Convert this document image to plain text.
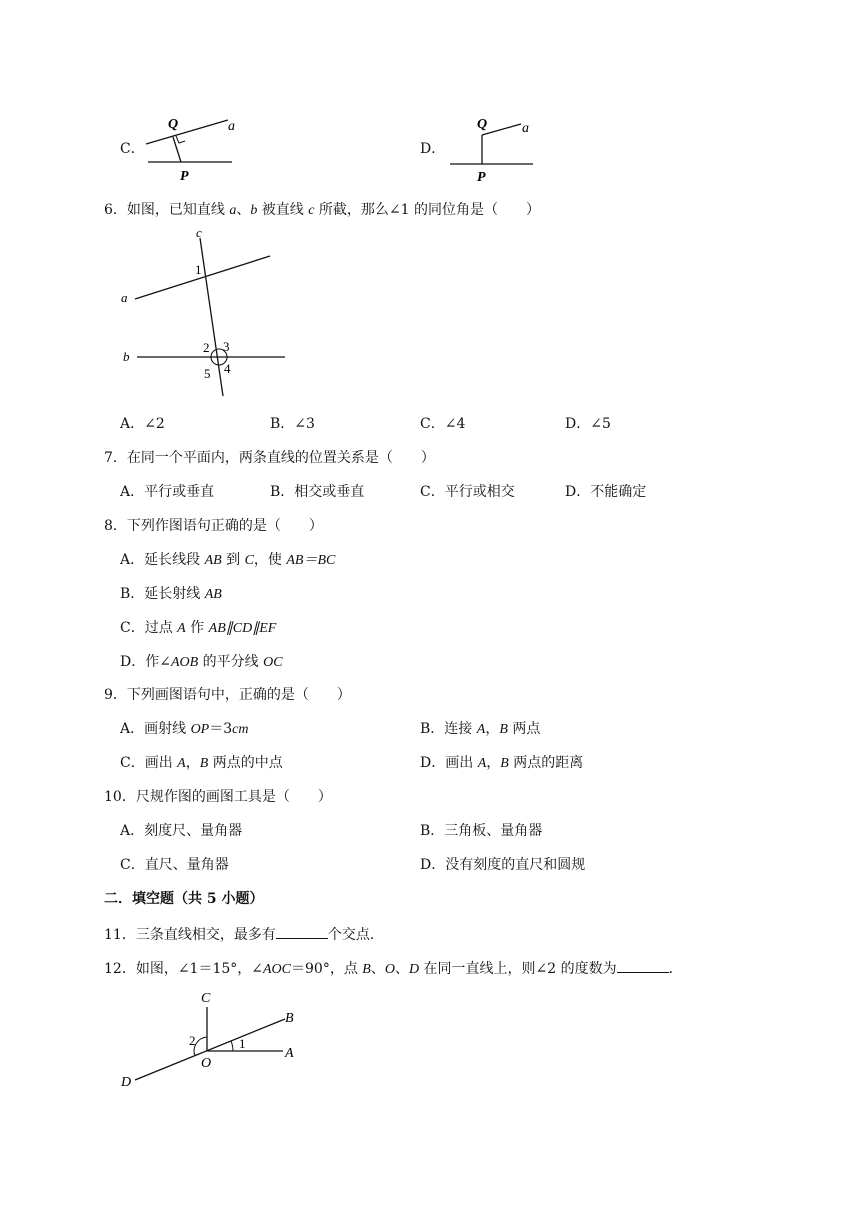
C．
Q	a
P
D．
Q a
P
6．如图，已知直线 a、b 被直线 c 所截，那么∠1 的同位角是（　　）
c
a
b
1
2 3
4
5
A．∠2	B．∠3	C．∠4	D．∠5
7．在同一个平面内，两条直线的位置关系是（　　）
A．平行或垂直	B．相交或垂直	C．平行或相交	D．不能确定
8．下列作图语句正确的是（　　）
A．延长线段 AB 到 C，使 AB＝BC
B．延长射线 AB
C．过点 A 作 AB∥CD∥EF
D．作∠AOB 的平分线 OC
9．下列画图语句中，正确的是（　　）
A．画射线 OP＝3cm	B．连接 A，B 两点
C．画出 A，B 两点的中点	D．画出 A，B 两点的距离
10．尺规作图的画图工具是（　　）
A．刻度尺、量角器	B．三角板、量角器
C．直尺、量角器	D．没有刻度的直尺和圆规
二．填空题（共 5 小题）
11．三条直线相交，最多有	个交点．
12．如图，∠1＝15°，∠AOC＝90°，点 B、O、D 在同一直线上，则∠2 的度数为	．
C
B
A
O
D
1
2
